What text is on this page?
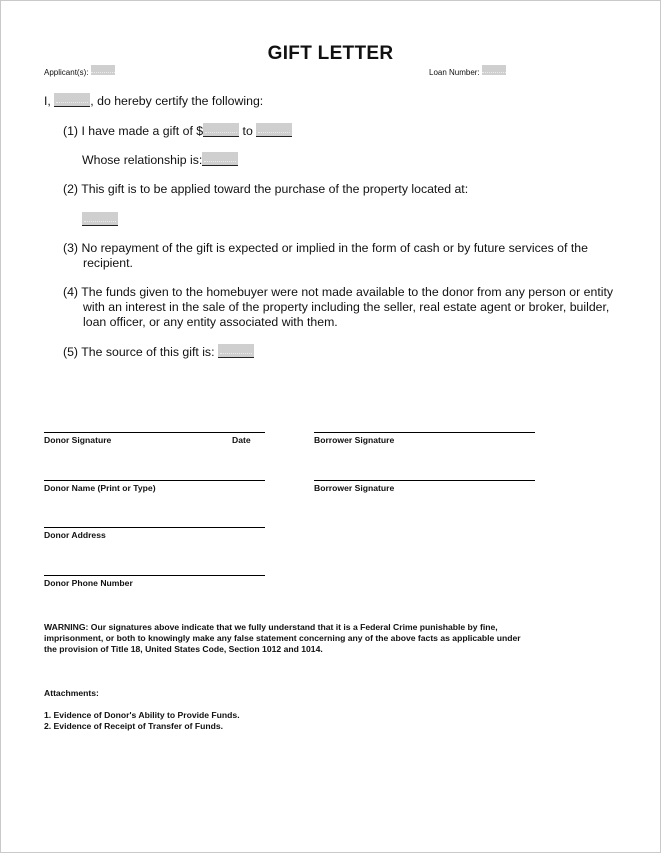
GIFT LETTER
Applicant(s):	Loan Number:
I,	, do hereby certify the following:
(1) I have made a gift of $	to
Whose relationship is:
(2) This gift is to be applied toward the purchase of the property located at:
(3) No repayment of the gift is expected or implied in the form of cash or by future services of the recipient.
(4) The funds given to the homebuyer were not made available to the donor from any person or entity with an interest in the sale of the property including the seller, real estate agent or broker, builder, loan officer, or any entity associated with them.
(5) The source of this gift is:
Donor Signature	Date	Borrower Signature
Donor Name (Print or Type)	Borrower Signature
Donor Address
Donor Phone Number
WARNING: Our signatures above indicate that we fully understand that it is a Federal Crime punishable by fine, imprisonment, or both to knowingly make any false statement concerning any of the above facts as applicable under the provision of Title 18, United States Code, Section 1012 and 1014.
Attachments:
1. Evidence of Donor's Ability to Provide Funds.
2. Evidence of Receipt of Transfer of Funds.
